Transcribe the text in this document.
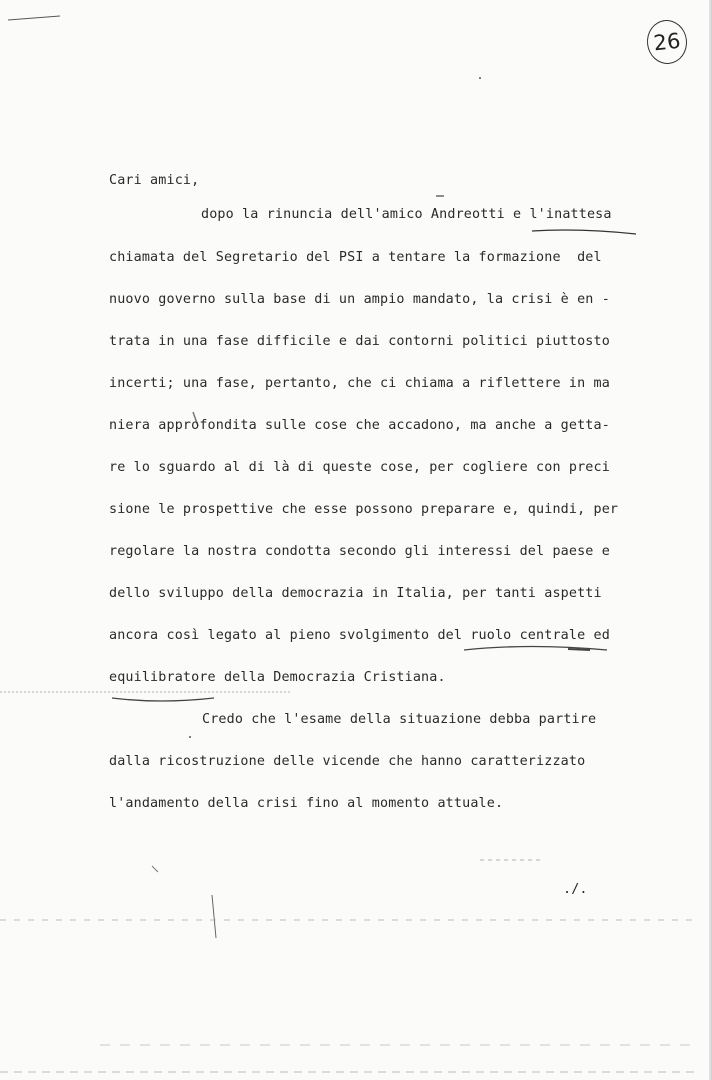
26
Cari amici,
dopo la rinuncia dell'amico Andreotti e l'inattesa
chiamata del Segretario del PSI a tentare la formazione  del
nuovo governo sulla base di un ampio mandato, la crisi è en -
trata in una fase difficile e dai contorni politici piuttosto
incerti; una fase, pertanto, che ci chiama a riflettere in ma
niera approfondita sulle cose che accadono, ma anche a getta-
re lo sguardo al di là di queste cose, per cogliere con preci
sione le prospettive che esse possono preparare e, quindi, per
regolare la nostra condotta secondo gli interessi del paese e
dello sviluppo della democrazia in Italia, per tanti aspetti
ancora così legato al pieno svolgimento del ruolo centrale ed
equilibratore della Democrazia Cristiana.
Credo che l'esame della situazione debba partire
dalla ricostruzione delle vicende che hanno caratterizzato
l'andamento della crisi fino al momento attuale.
./.
